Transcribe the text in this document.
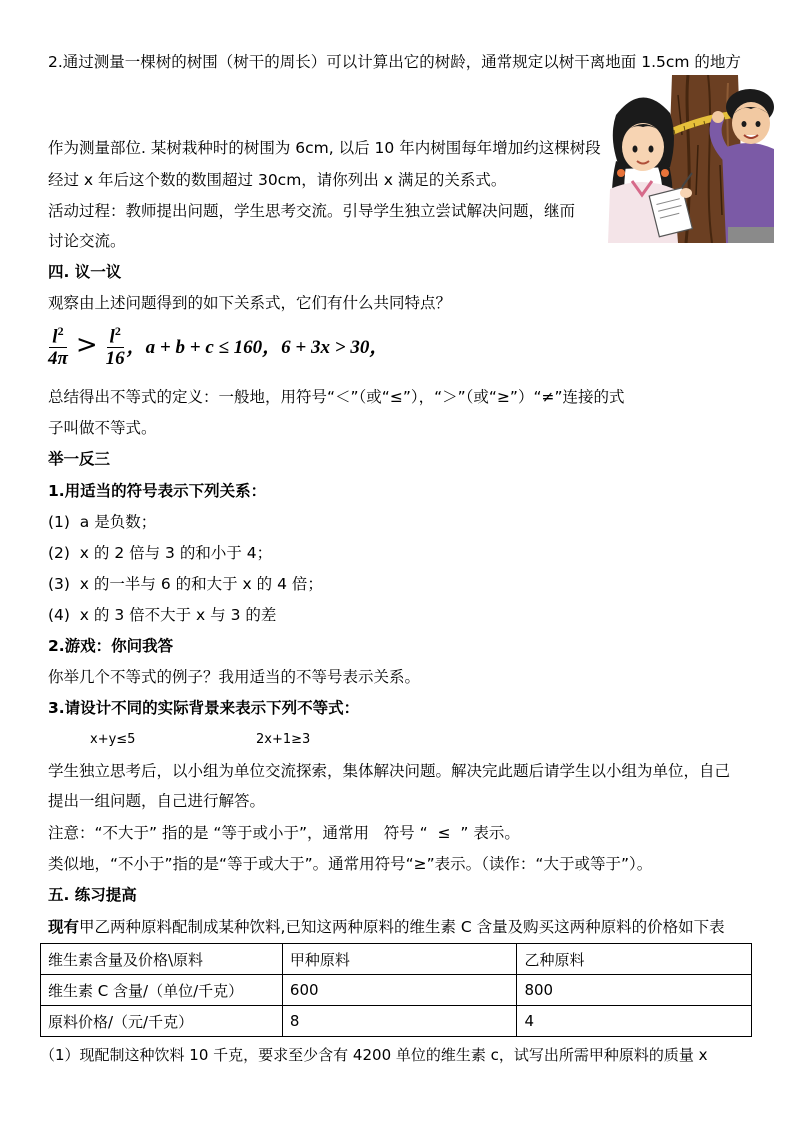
2.通过测量一棵树的树围（树干的周长）可以计算出它的树龄，通常规定以树干离地面 1.5cm 的地方
作为测量部位. 某树栽种时的树围为 6cm, 以后 10 年内树围每年增加约这棵树段
经过 x 年后这个数的数围超过 30cm，请你列出 x 满足的关系式。
活动过程：教师提出问题，学生思考交流。引导学生独立尝试解决问题，继而
讨论交流。
四. 议一议
观察由上述问题得到的如下关系式，它们有什么共同特点？
$\frac{l^2}{4\pi} > \frac{l^2}{16}$ ，a + b + c ≤ 160，6 + 3x > 30，
总结得出不等式的定义：一般地，用符号“＜”（或“≤”），“＞”（或“≥”）“≠”连接的式
子叫做不等式。
举一反三
1.用适当的符号表示下列关系：
(1)  a 是负数；
(2)  x 的 2 倍与 3 的和小于 4；
(3)  x 的一半与 6 的和大于 x 的 4 倍；
(4)  x 的 3 倍不大于 x 与 3 的差
2.游戏：你问我答
你举几个不等式的例子？我用适当的不等号表示关系。
3.请设计不同的实际背景来表示下列不等式：
x+y≤5	2x+1≥3
学生独立思考后，以小组为单位交流探索，集体解决问题。解决完此题后请学生以小组为单位，自己
提出一组问题，自己进行解答。
注意：“不大于” 指的是 “等于或小于”，通常用   符号 “  ≤  ” 表示。
类似地，“不小于”指的是“等于或大于”。通常用符号“≥”表示。（读作：“大于或等于”）。
五. 练习提高
现有甲乙两种原料配制成某种饮料,已知这两种原料的维生素 C 含量及购买这两种原料的价格如下表
维生素含量及价格\原料	甲种原料	乙种原料
维生素 C 含量/（单位/千克）	600	800
原料价格/（元/千克）	8	4
（1）现配制这种饮料 10 千克，要求至少含有 4200 单位的维生素 c，试写出所需甲种原料的质量 x
